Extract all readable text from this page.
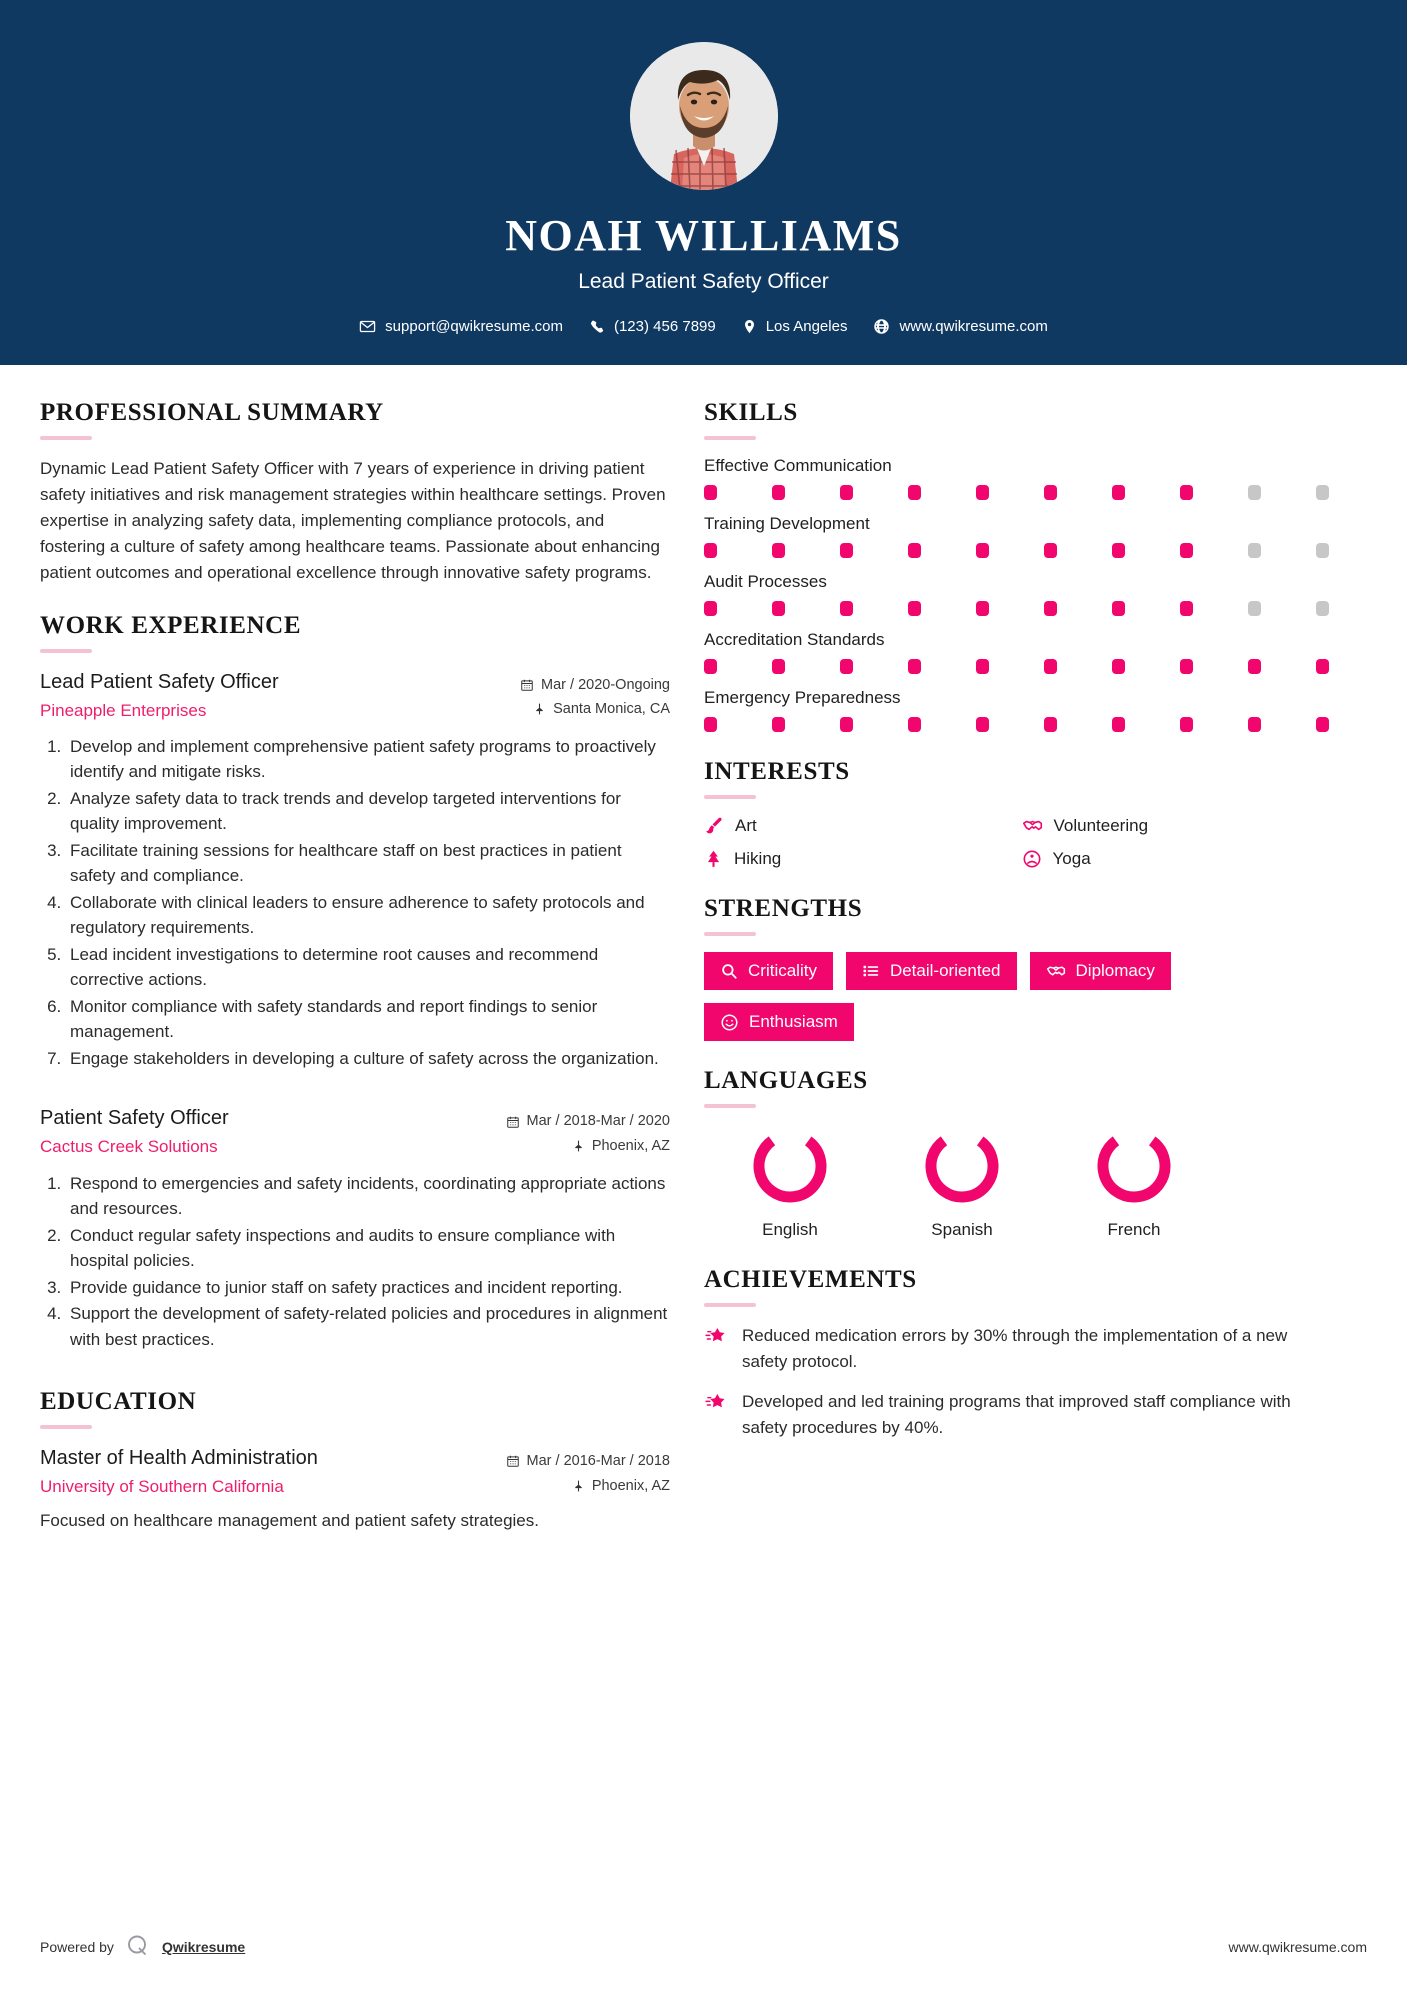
NOAH WILLIAMS
Lead Patient Safety Officer
support@qwikresume.com	(123) 456 7899	Los Angeles	www.qwikresume.com
PROFESSIONAL SUMMARY
Dynamic Lead Patient Safety Officer with 7 years of experience in driving patient safety initiatives and risk management strategies within healthcare settings. Proven expertise in analyzing safety data, implementing compliance protocols, and fostering a culture of safety among healthcare teams. Passionate about enhancing patient outcomes and operational excellence through innovative safety programs.
WORK EXPERIENCE
Lead Patient Safety Officer
Pineapple Enterprises
Mar / 2020-Ongoing
Santa Monica, CA
1. Develop and implement comprehensive patient safety programs to proactively identify and mitigate risks.
2. Analyze safety data to track trends and develop targeted interventions for quality improvement.
3. Facilitate training sessions for healthcare staff on best practices in patient safety and compliance.
4. Collaborate with clinical leaders to ensure adherence to safety protocols and regulatory requirements.
5. Lead incident investigations to determine root causes and recommend corrective actions.
6. Monitor compliance with safety standards and report findings to senior management.
7. Engage stakeholders in developing a culture of safety across the organization.
Patient Safety Officer
Cactus Creek Solutions
Mar / 2018-Mar / 2020
Phoenix, AZ
1. Respond to emergencies and safety incidents, coordinating appropriate actions and resources.
2. Conduct regular safety inspections and audits to ensure compliance with hospital policies.
3. Provide guidance to junior staff on safety practices and incident reporting.
4. Support the development of safety-related policies and procedures in alignment with best practices.
EDUCATION
Master of Health Administration
University of Southern California
Mar / 2016-Mar / 2018
Phoenix, AZ
Focused on healthcare management and patient safety strategies.
SKILLS
Effective Communication
Training Development
Audit Processes
Accreditation Standards
Emergency Preparedness
INTERESTS
Art	Volunteering
Hiking	Yoga
STRENGTHS
Criticality	Detail-oriented	Diplomacy
Enthusiasm
LANGUAGES
English	Spanish	French
ACHIEVEMENTS
Reduced medication errors by 30% through the implementation of a new safety protocol.
Developed and led training programs that improved staff compliance with safety procedures by 40%.
Powered by	Qwikresume	www.qwikresume.com
